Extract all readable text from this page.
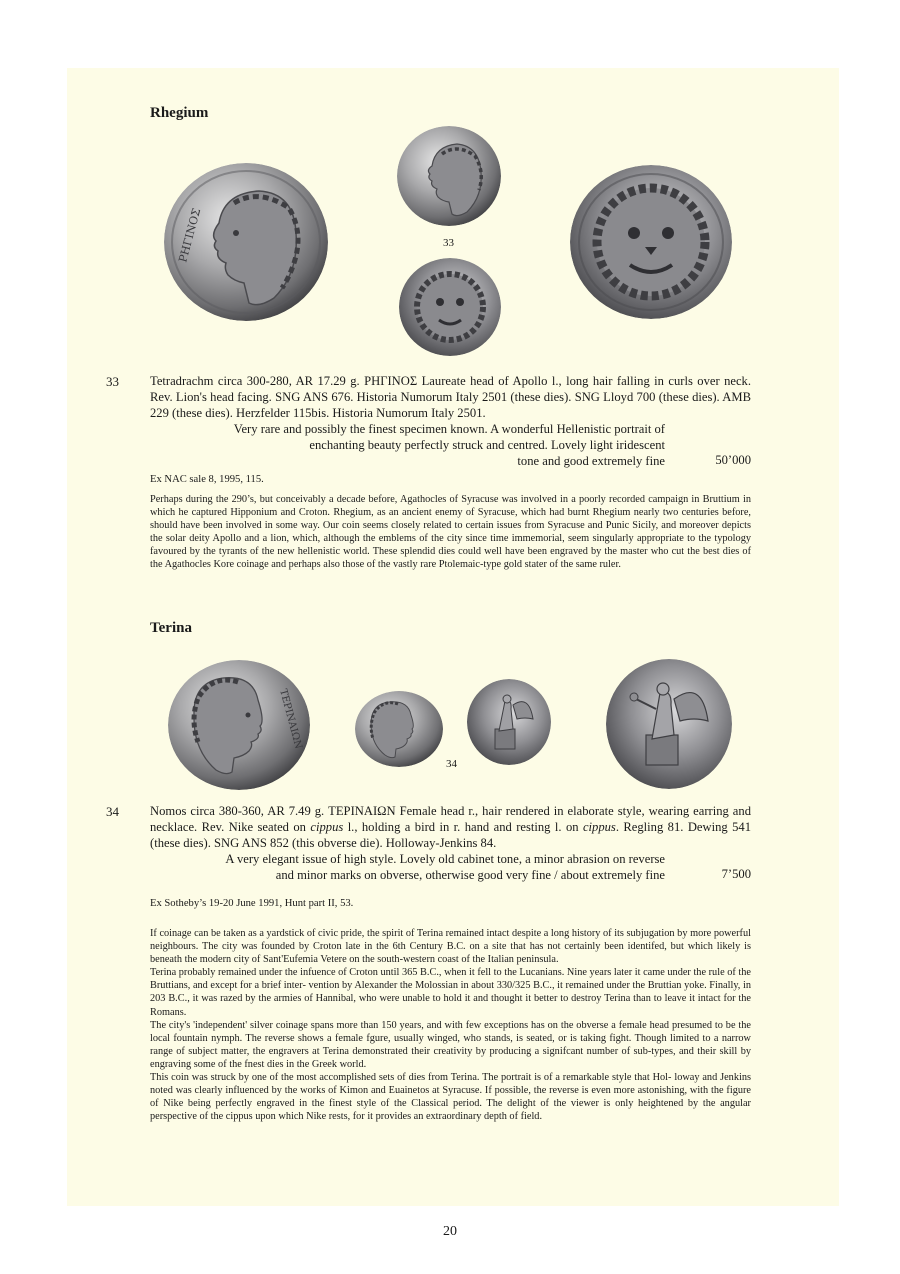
Rhegium
ΡΗΓΙΝΟΣ	33
33 Tetradrachm circa 300-280, AR 17.29 g. ΡΗΓΙΝΟΣ Laureate head of Apollo l., long hair falling in curls over neck. Rev. Lion's head facing. SNG ANS 676. Historia Numorum Italy 2501 (these dies). SNG Lloyd 700 (these dies). AMB 229 (these dies). Herzfelder 115bis. Historia Numorum Italy 2501.
Very rare and possibly the finest specimen known. A wonderful Hellenistic portrait of
enchanting beauty perfectly struck and centred. Lovely light iridescent
tone and good extremely fine	50’000
Ex NAC sale 8, 1995, 115.

Perhaps during the 290’s, but conceivably a decade before, Agathocles of Syracuse was involved in a poorly recorded campaign in Bruttium in which he captured Hipponium and Croton. Rhegium, as an ancient enemy of Syracuse, which had burnt Rhegium nearly two centuries before, should have been involved in some way. Our coin seems closely related to certain issues from Syracuse and Punic Sicily, and moreover depicts the solar deity Apollo and a lion, which, although the emblems of the city since time immemorial, seem singularly appropriate to the typology favoured by the tyrants of the new hellenistic world. These splendid dies could well have been engraved by the master who cut the best dies of the Agathocles Kore coinage and perhaps also those of the vastly rare Ptolemaic-type gold stater of the same ruler.

Terina
ΤΕΡΙΝΑΙΩΝ
34
34 Nomos circa 380-360, AR 7.49 g. ΤΕΡΙΝΑΙΩΝ Female head r., hair rendered in elaborate style, wearing earring and necklace. Rev. Nike seated on cippus l., holding a bird in r. hand and resting l. on cippus. Regling 81. Dewing 541 (these dies). SNG ANS 852 (this obverse die). Holloway-Jenkins 84.
A very elegant issue of high style. Lovely old cabinet tone, a minor abrasion on reverse
and minor marks on obverse, otherwise good very fine / about extremely fine	7’500
Ex Sotheby’s 19-20 June 1991, Hunt part II, 53.

If coinage can be taken as a yardstick of civic pride, the spirit of Terina remained intact despite a long history of its subjugation by more powerful neighbours. The city was founded by Croton late in the 6th Century B.C. on a site that has not certainly been identifed, but which likely is beneath the modern city of Sant'Eufemia Vetere on the south-western coast of the Italian peninsula.

Terina probably remained under the infuence of Croton until 365 B.C., when it fell to the Lucanians. Nine years later it came under the rule of the Bruttians, and except for a brief inter- vention by Alexander the Molossian in about 330/325 B.C., it remained under the Bruttian yoke. Finally, in 203 B.C., it was razed by the armies of Hannibal, who were unable to hold it and thought it better to destroy Terina than to leave it intact for the Romans.

The city's 'independent' silver coinage spans more than 150 years, and with few exceptions has on the obverse a female head presumed to be the local fountain nymph. The reverse shows a female fgure, usually winged, who stands, is seated, or is taking fight. Though limited to a narrow range of subject matter, the engravers at Terina demonstrated their creativity by producing a signifcant number of sub-types, and their skill by engraving some of the fnest dies in the Greek world.

This coin was struck by one of the most accomplished sets of dies from Terina. The portrait is of a remarkable style that Hol- loway and Jenkins noted was clearly influenced by the works of Kimon and Euainetos at Syracuse. If possible, the reverse is even more astonishing, with the figure of Nike being perfectly engraved in the finest style of the Classical period. The delight of the viewer is only heightened by the angular perspective of the cippus upon which Nike rests, for it provides an extraordinary depth of field.

20
